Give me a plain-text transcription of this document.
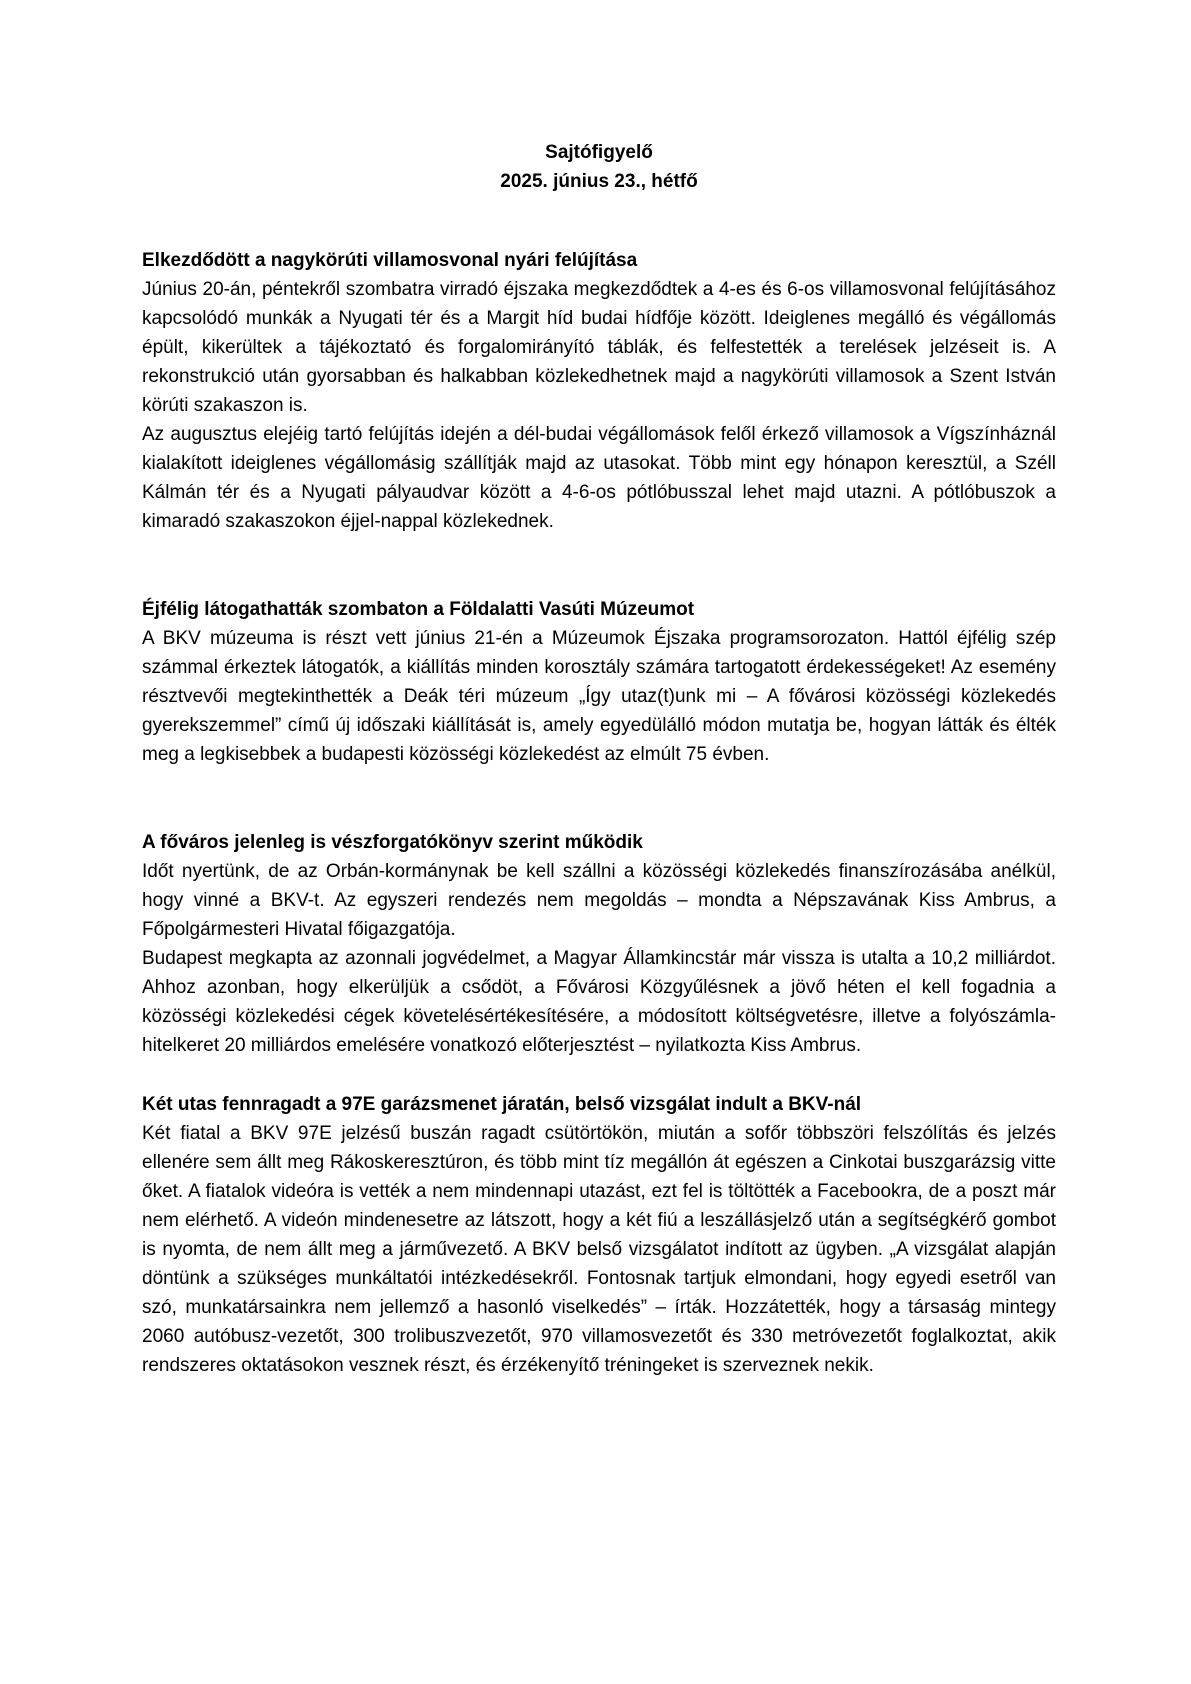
Sajtófigyelő
2025. június 23., hétfő
Elkezdődött a nagykörúti villamosvonal nyári felújítása

Június 20-án, péntekről szombatra virradó éjszaka megkezdődtek a 4-es és 6-os villamosvonal felújításához kapcsolódó munkák a Nyugati tér és a Margit híd budai hídfője között. Ideiglenes megálló és végállomás épült, kikerültek a tájékoztató és forgalomirányító táblák, és felfestették a terelések jelzéseit is. A rekonstrukció után gyorsabban és halkabban közlekedhetnek majd a nagykörúti villamosok a Szent István körúti szakaszon is.

Az augusztus elejéig tartó felújítás idején a dél-budai végállomások felől érkező villamosok a Vígszínháznál kialakított ideiglenes végállomásig szállítják majd az utasokat. Több mint egy hónapon keresztül, a Széll Kálmán tér és a Nyugati pályaudvar között a 4-6-os pótlóbusszal lehet majd utazni. A pótlóbuszok a kimaradó szakaszokon éjjel-nappal közlekednek.

Éjfélig látogathatták szombaton a Földalatti Vasúti Múzeumot

A BKV múzeuma is részt vett június 21-én a Múzeumok Éjszaka programsorozaton. Hattól éjfélig szép számmal érkeztek látogatók, a kiállítás minden korosztály számára tartogatott érdekességeket! Az esemény résztvevői megtekinthették a Deák téri múzeum „Így utaz(t)unk mi – A fővárosi közösségi közlekedés gyerekszemmel” című új időszaki kiállítását is, amely egyedülálló módon mutatja be, hogyan látták és élték meg a legkisebbek a budapesti közösségi közlekedést az elmúlt 75 évben.

A főváros jelenleg is vészforgatókönyv szerint működik

Időt nyertünk, de az Orbán-kormánynak be kell szállni a közösségi közlekedés finanszírozásába anélkül, hogy vinné a BKV-t. Az egyszeri rendezés nem megoldás – mondta a Népszavának Kiss Ambrus, a Főpolgármesteri Hivatal főigazgatója.

Budapest megkapta az azonnali jogvédelmet, a Magyar Államkincstár már vissza is utalta a 10,2 milliárdot. Ahhoz azonban, hogy elkerüljük a csődöt, a Fővárosi Közgyűlésnek a jövő héten el kell fogadnia a közösségi közlekedési cégek követelésértékesítésére, a módosított költségvetésre, illetve a folyószámla-hitelkeret 20 milliárdos emelésére vonatkozó előterjesztést – nyilatkozta Kiss Ambrus.

Két utas fennragadt a 97E garázsmenet járatán, belső vizsgálat indult a BKV-nál

Két fiatal a BKV 97E jelzésű buszán ragadt csütörtökön, miután a sofőr többszöri felszólítás és jelzés ellenére sem állt meg Rákoskeresztúron, és több mint tíz megállón át egészen a Cinkotai buszgarázsig vitte őket. A fiatalok videóra is vették a nem mindennapi utazást, ezt fel is töltötték a Facebookra, de a poszt már nem elérhető. A videón mindenesetre az látszott, hogy a két fiú a leszállásjelző után a segítségkérő gombot is nyomta, de nem állt meg a járművezető. A BKV belső vizsgálatot indított az ügyben. „A vizsgálat alapján döntünk a szükséges munkáltatói intézkedésekről. Fontosnak tartjuk elmondani, hogy egyedi esetről van szó, munkatársainkra nem jellemző a hasonló viselkedés” – írták. Hozzátették, hogy a társaság mintegy 2060 autóbusz-vezetőt, 300 trolibuszvezetőt, 970 villamosvezetőt és 330 metróvezetőt foglalkoztat, akik rendszeres oktatásokon vesznek részt, és érzékenyítő tréningeket is szerveznek nekik.
